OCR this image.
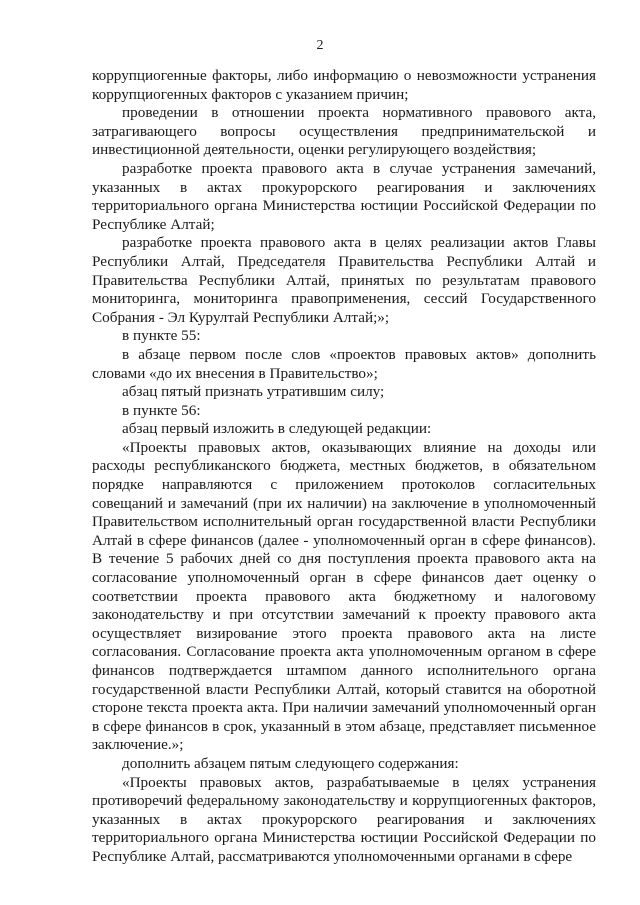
2

коррупциогенные факторы, либо информацию о невозможности устранения коррупциогенных факторов с указанием причин;

проведении в отношении проекта нормативного правового акта, затрагивающего вопросы осуществления предпринимательской и инвестиционной деятельности, оценки регулирующего воздействия;

разработке проекта правового акта в случае устранения замечаний, указанных в актах прокурорского реагирования и заключениях территориального органа Министерства юстиции Российской Федерации по Республике Алтай;

разработке проекта правового акта в целях реализации актов Главы Республики Алтай, Председателя Правительства Республики Алтай и Правительства Республики Алтай, принятых по результатам правового мониторинга, мониторинга правоприменения, сессий Государственного Собрания - Эл Курултай Республики Алтай;»;

в пункте 55:

в абзаце первом после слов «проектов правовых актов» дополнить словами «до их внесения в Правительство»;

абзац пятый признать утратившим силу;

в пункте 56:

абзац первый изложить в следующей редакции:

«Проекты правовых актов, оказывающих влияние на доходы или расходы республиканского бюджета, местных бюджетов, в обязательном порядке направляются с приложением протоколов согласительных совещаний и замечаний (при их наличии) на заключение в уполномоченный Правительством исполнительный орган государственной власти Республики Алтай в сфере финансов (далее - уполномоченный орган в сфере финансов). В течение 5 рабочих дней со дня поступления проекта правового акта на согласование уполномоченный орган в сфере финансов дает оценку о соответствии проекта правового акта бюджетному и налоговому законодательству и при отсутствии замечаний к проекту правового акта осуществляет визирование этого проекта правового акта на листе согласования. Согласование проекта акта уполномоченным органом в сфере финансов подтверждается штампом данного исполнительного органа государственной власти Республики Алтай, который ставится на оборотной стороне текста проекта акта. При наличии замечаний уполномоченный орган в сфере финансов в срок, указанный в этом абзаце, представляет письменное заключение.»;

дополнить абзацем пятым следующего содержания:

«Проекты правовых актов, разрабатываемые в целях устранения противоречий федеральному законодательству и коррупциогенных факторов, указанных в актах прокурорского реагирования и заключениях территориального органа Министерства юстиции Российской Федерации по Республике Алтай, рассматриваются уполномоченными органами в сфере
